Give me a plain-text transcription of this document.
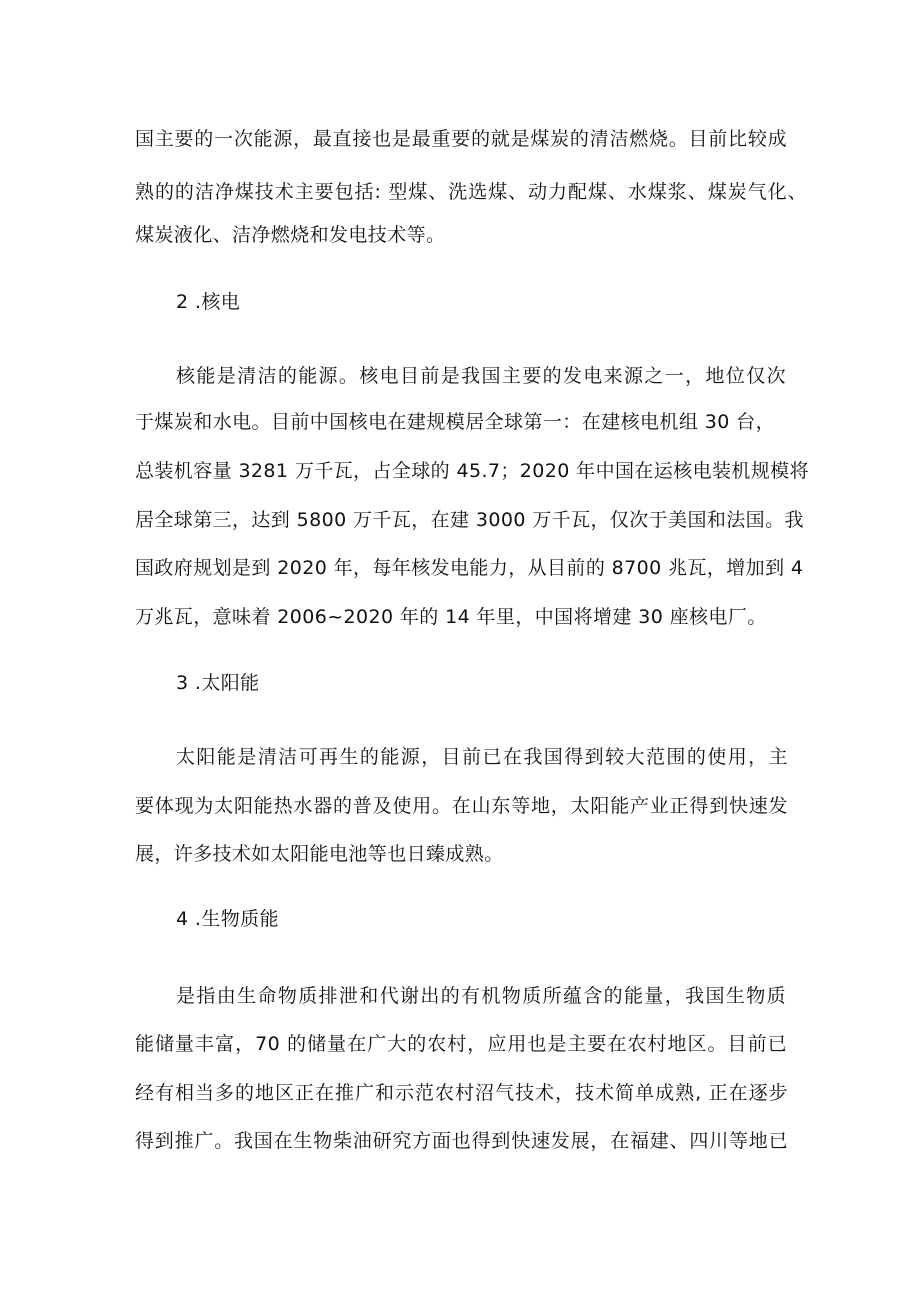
国主要的一次能源，最直接也是最重要的就是煤炭的清洁燃烧。目前比较成
熟的的洁净煤技术主要包括: 型煤、洗选煤、动力配煤、水煤浆、煤炭气化、
煤炭液化、洁净燃烧和发电技术等。
2 .核电
核能是清洁的能源。核电目前是我国主要的发电来源之一，地位仅次
于煤炭和水电。目前中国核电在建规模居全球第一：在建核电机组 30 台，
总装机容量 3281 万千瓦，占全球的 45.7；2020 年中国在运核电装机规模将
居全球第三，达到 5800 万千瓦，在建 3000 万千瓦，仅次于美国和法国。我
国政府规划是到 2020 年，每年核发电能力，从目前的 8700 兆瓦，增加到 4
万兆瓦，意味着 2006~2020 年的 14 年里，中国将增建 30 座核电厂。
3 .太阳能
太阳能是清洁可再生的能源，目前已在我国得到较大范围的使用，主
要体现为太阳能热水器的普及使用。在山东等地，太阳能产业正得到快速发
展，许多技术如太阳能电池等也日臻成熟。
4 .生物质能
是指由生命物质排泄和代谢出的有机物质所蕴含的能量，我国生物质
能储量丰富，70 的储量在广大的农村，应用也是主要在农村地区。目前已
经有相当多的地区正在推广和示范农村沼气技术，技术简单成熟, 正在逐步
得到推广。我国在生物柴油研究方面也得到快速发展，在福建、四川等地已
